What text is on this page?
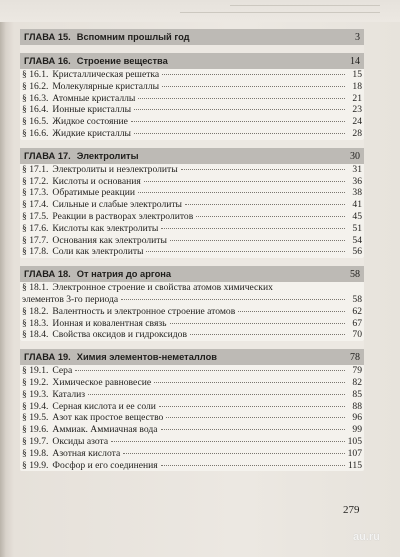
ГЛАВА 15. Вспомним прошлый год	3
ГЛАВА 16. Строение вещества	14
§ 16.1. Кристаллическая решетка	15
§ 16.2. Молекулярные кристаллы	18
§ 16.3. Атомные кристаллы	21
§ 16.4. Ионные кристаллы	23
§ 16.5. Жидкое состояние	24
§ 16.6. Жидкие кристаллы	28
ГЛАВА 17. Электролиты	30
§ 17.1. Электролиты и неэлектролиты	31
§ 17.2. Кислоты и основания	36
§ 17.3. Обратимые реакции	38
§ 17.4. Сильные и слабые электролиты	41
§ 17.5. Реакции в растворах электролитов	45
§ 17.6. Кислоты как электролиты	51
§ 17.7. Основания как электролиты	54
§ 17.8. Соли как электролиты	56
ГЛАВА 18. От натрия до аргона	58
§ 18.1. Электронное строение и свойства атомов химических
элементов 3-го периода	58
§ 18.2. Валентность и электронное строение атомов	62
§ 18.3. Ионная и ковалентная связь	67
§ 18.4. Свойства оксидов и гидроксидов	70
ГЛАВА 19. Химия элементов-неметаллов	78
§ 19.1. Сера	79
§ 19.2. Химическое равновесие	82
§ 19.3. Катализ	85
§ 19.4. Серная кислота и ее соли	88
§ 19.5. Азот как простое вещество	96
§ 19.6. Аммиак. Аммиачная вода	99
§ 19.7. Оксиды азота	105
§ 19.8. Азотная кислота	107
§ 19.9. Фосфор и его соединения	115
279
au.ru
